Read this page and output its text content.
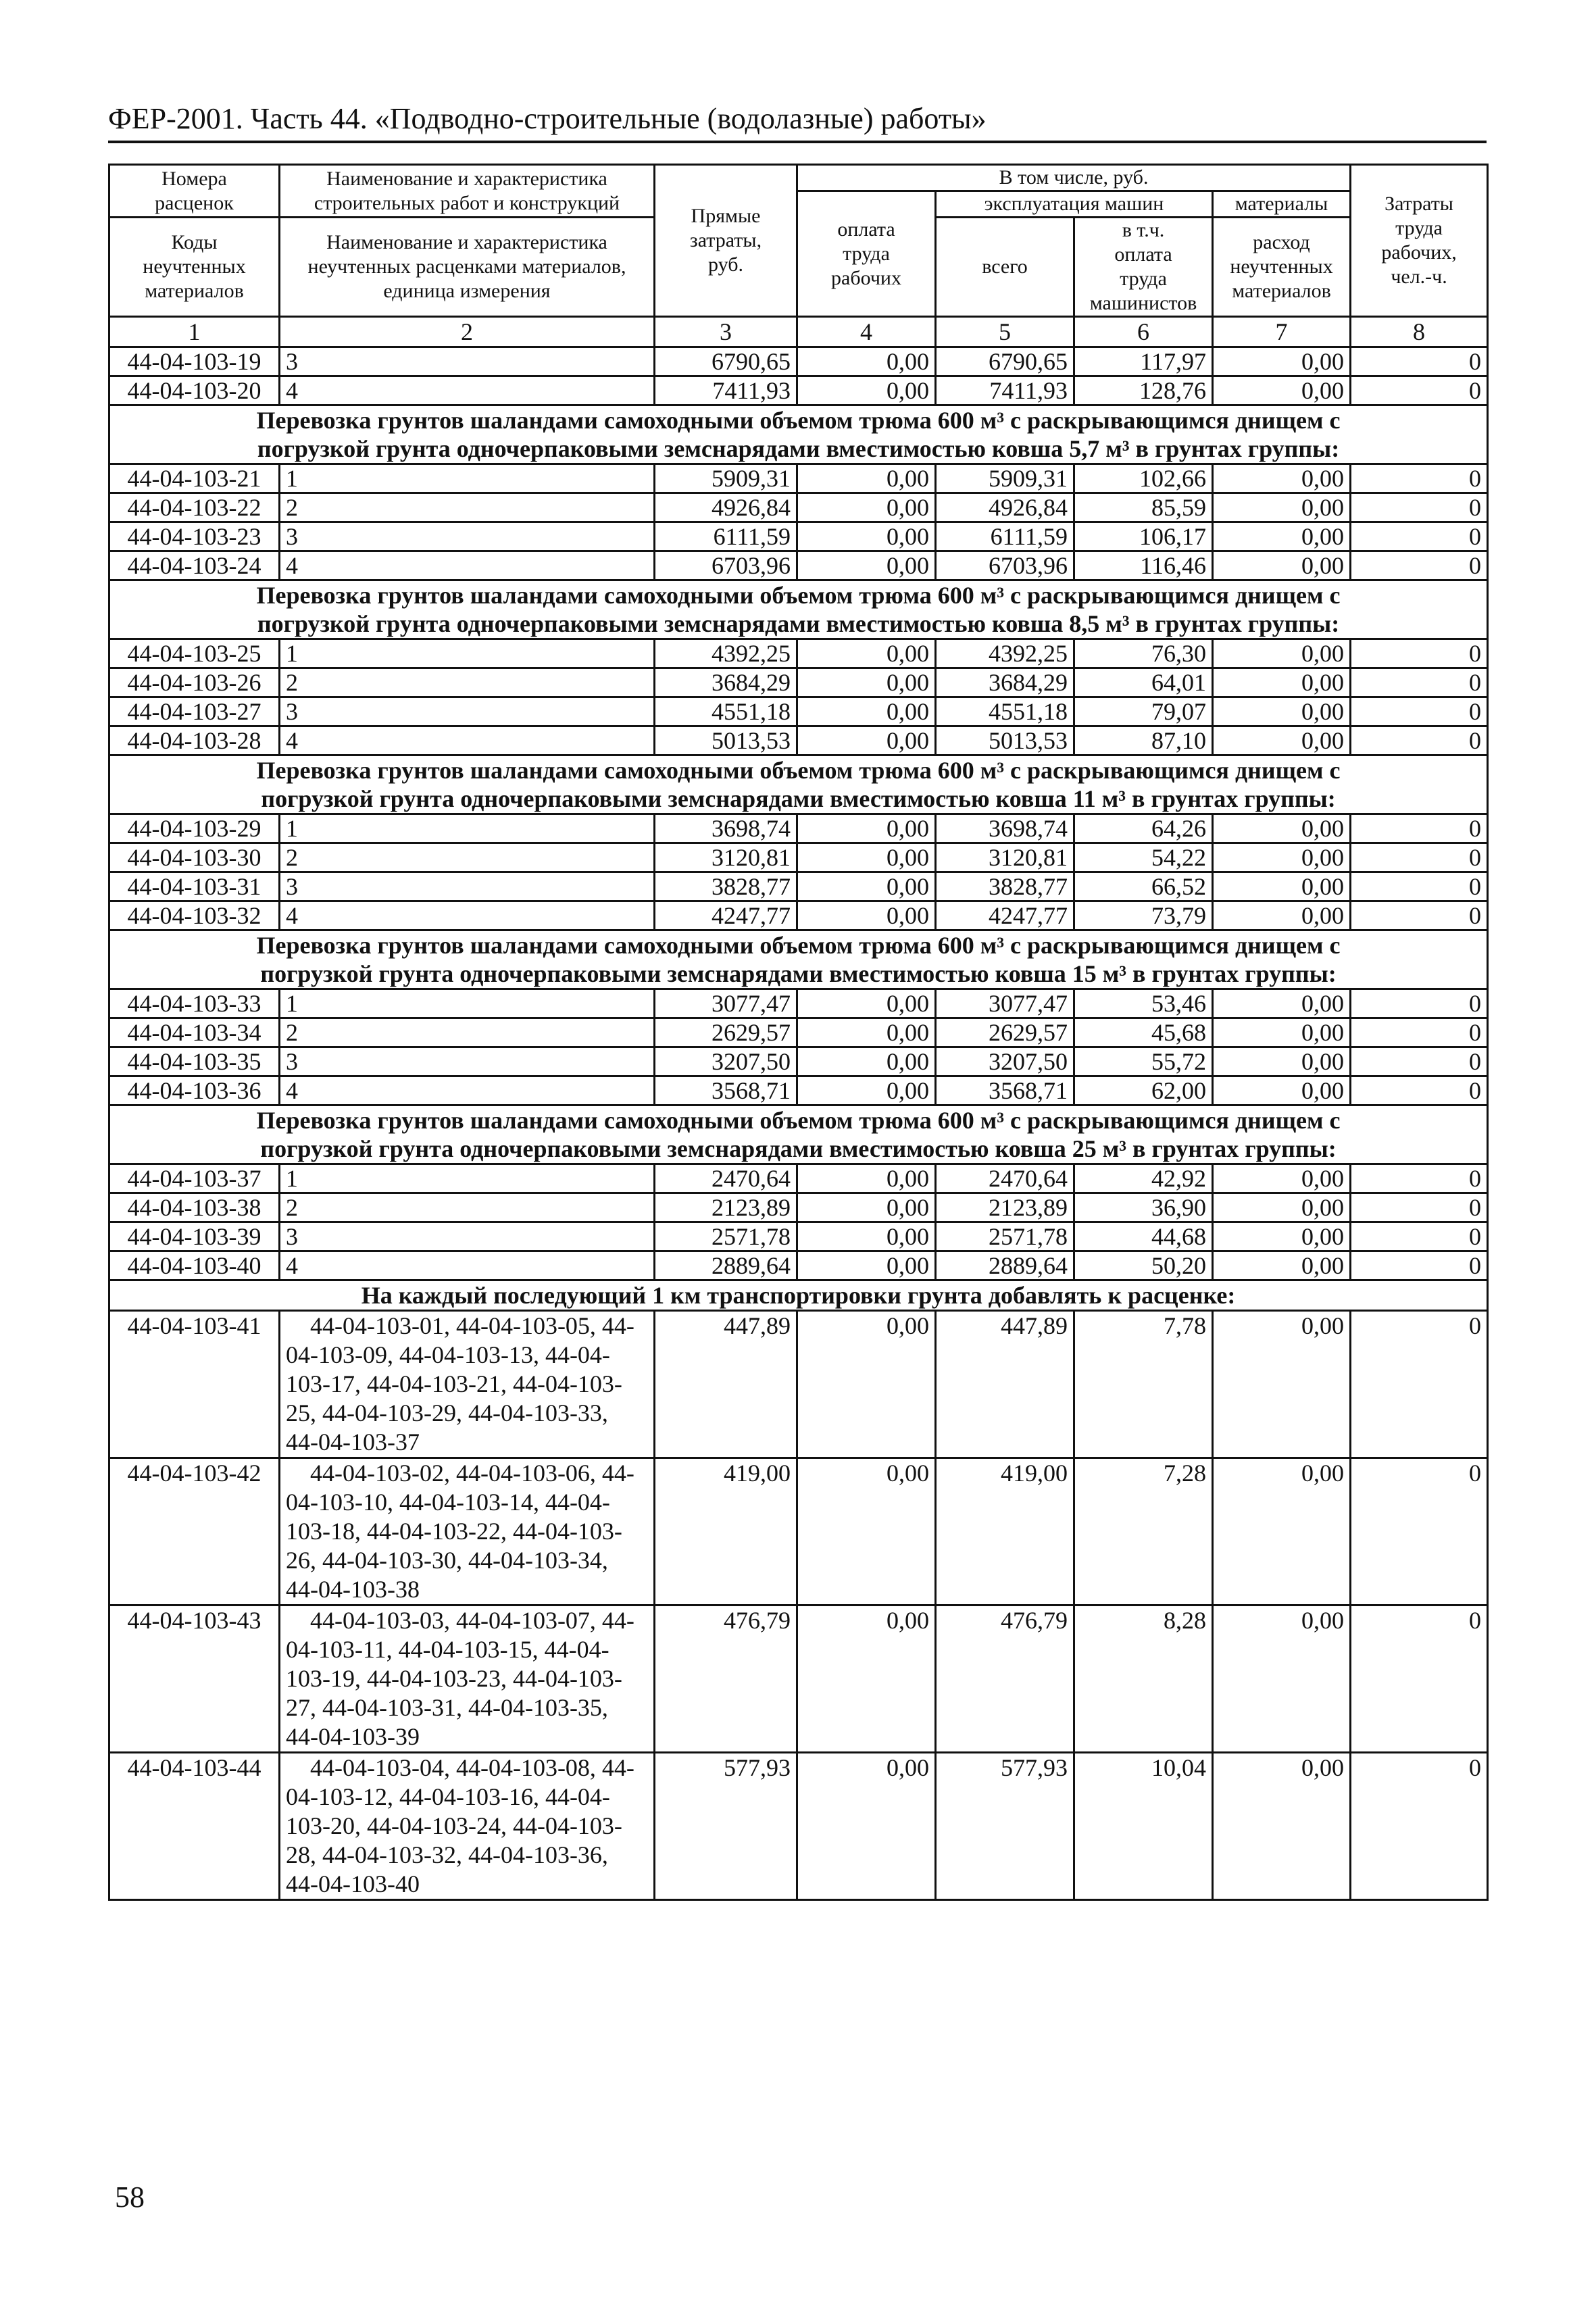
ФЕР-2001. Часть 44. «Подводно-строительные (водолазные) работы»
Номера
расценок	Наименование и характеристика
строительных работ и конструкций	Прямые
затраты,
руб.	В том числе, руб.				Затраты
труда
рабочих,
чел.-ч.
			оплата
труда
рабочих	эксплуатация машин		материалы	
Коды
неучтенных
материалов	Наименование и характеристика
неучтенных расценками материалов,
единица измерения			всего	в т.ч.
оплата
труда
машинистов	расход
неучтенных
материалов	

1	2	3	4	5	6	7	8
44-04-103-19	3	6790,65	0,00	6790,65	117,97	0,00	0
44-04-103-20	4	7411,93	0,00	7411,93	128,76	0,00	0

Перевозка грунтов шаландами самоходными объемом трюма 600 м³ с раскрывающимся днищем с
погрузкой грунта одночерпаковыми земснарядами вместимостью ковша 5,7 м³ в грунтах группы:							

44-04-103-21	1	5909,31	0,00	5909,31	102,66	0,00	0
44-04-103-22	2	4926,84	0,00	4926,84	85,59	0,00	0
44-04-103-23	3	6111,59	0,00	6111,59	106,17	0,00	0
44-04-103-24	4	6703,96	0,00	6703,96	116,46	0,00	0

Перевозка грунтов шаландами самоходными объемом трюма 600 м³ с раскрывающимся днищем с
погрузкой грунта одночерпаковыми земснарядами вместимостью ковша 8,5 м³ в грунтах группы:							

44-04-103-25	1	4392,25	0,00	4392,25	76,30	0,00	0
44-04-103-26	2	3684,29	0,00	3684,29	64,01	0,00	0
44-04-103-27	3	4551,18	0,00	4551,18	79,07	0,00	0
44-04-103-28	4	5013,53	0,00	5013,53	87,10	0,00	0

Перевозка грунтов шаландами самоходными объемом трюма 600 м³ с раскрывающимся днищем с
погрузкой грунта одночерпаковыми земснарядами вместимостью ковша 11 м³ в грунтах группы:							

44-04-103-29	1	3698,74	0,00	3698,74	64,26	0,00	0
44-04-103-30	2	3120,81	0,00	3120,81	54,22	0,00	0
44-04-103-31	3	3828,77	0,00	3828,77	66,52	0,00	0
44-04-103-32	4	4247,77	0,00	4247,77	73,79	0,00	0

Перевозка грунтов шаландами самоходными объемом трюма 600 м³ с раскрывающимся днищем с
погрузкой грунта одночерпаковыми земснарядами вместимостью ковша 15 м³ в грунтах группы:							

44-04-103-33	1	3077,47	0,00	3077,47	53,46	0,00	0
44-04-103-34	2	2629,57	0,00	2629,57	45,68	0,00	0
44-04-103-35	3	3207,50	0,00	3207,50	55,72	0,00	0
44-04-103-36	4	3568,71	0,00	3568,71	62,00	0,00	0

Перевозка грунтов шаландами самоходными объемом трюма 600 м³ с раскрывающимся днищем с
погрузкой грунта одночерпаковыми земснарядами вместимостью ковша 25 м³ в грунтах группы:							

44-04-103-37	1	2470,64	0,00	2470,64	42,92	0,00	0
44-04-103-38	2	2123,89	0,00	2123,89	36,90	0,00	0
44-04-103-39	3	2571,78	0,00	2571,78	44,68	0,00	0
44-04-103-40	4	2889,64	0,00	2889,64	50,20	0,00	0
На каждый последующий 1 км транспортировки грунта добавлять к расценке:							
44-04-103-41	44-04-103-01, 44-04-103-05, 44-
04-103-09, 44-04-103-13, 44-04-
103-17, 44-04-103-21, 44-04-103-
25, 44-04-103-29, 44-04-103-33,
44-04-103-37	447,89	0,00	447,89	7,78	0,00	0
44-04-103-42	44-04-103-02, 44-04-103-06, 44-
04-103-10, 44-04-103-14, 44-04-
103-18, 44-04-103-22, 44-04-103-
26, 44-04-103-30, 44-04-103-34,
44-04-103-38	419,00	0,00	419,00	7,28	0,00	0
44-04-103-43	44-04-103-03, 44-04-103-07, 44-
04-103-11, 44-04-103-15, 44-04-
103-19, 44-04-103-23, 44-04-103-
27, 44-04-103-31, 44-04-103-35,
44-04-103-39	476,79	0,00	476,79	8,28	0,00	0
44-04-103-44	44-04-103-04, 44-04-103-08, 44-
04-103-12, 44-04-103-16, 44-04-
103-20, 44-04-103-24, 44-04-103-
28, 44-04-103-32, 44-04-103-36,
44-04-103-40	577,93	0,00	577,93	10,04	0,00	0
58
